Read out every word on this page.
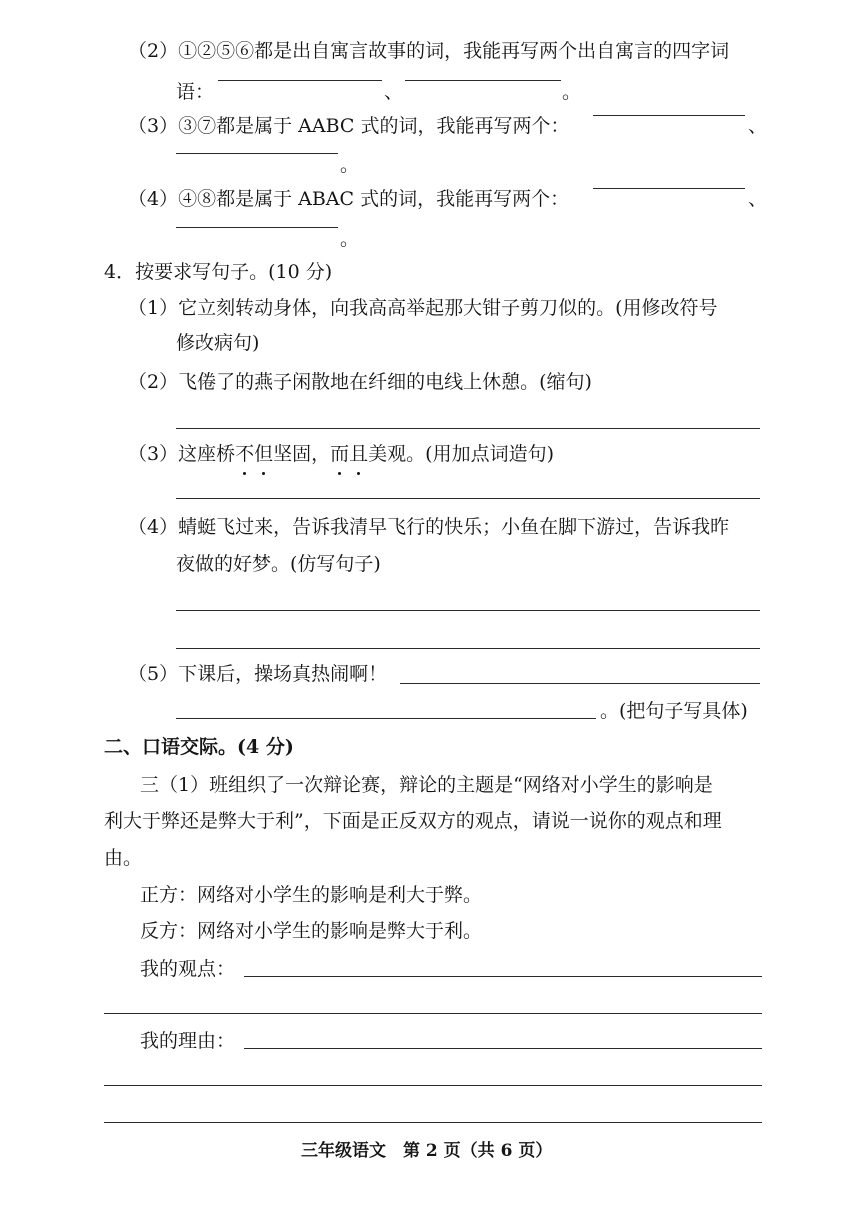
（2）①②⑤⑥都是出自寓言故事的词，我能再写两个出自寓言的四字词
语：	、	。
（3）③⑦都是属于 AABC 式的词，我能再写两个：	、
。
（4）④⑧都是属于 ABAC 式的词，我能再写两个：	、
。
4．按要求写句子。(10 分)
（1）它立刻转动身体，向我高高举起那大钳子剪刀似的。(用修改符号
修改病句)
（2）飞倦了的燕子闲散地在纤细的电线上休憩。(缩句)
（3）这座桥不但坚固，而且美观。(用加点词造句)
（4）蜻蜓飞过来，告诉我清早飞行的快乐；小鱼在脚下游过，告诉我昨
夜做的好梦。(仿写句子)
（5）下课后，操场真热闹啊！
。(把句子写具体)
二、口语交际。(4 分)
三（1）班组织了一次辩论赛，辩论的主题是“网络对小学生的影响是
利大于弊还是弊大于利”，下面是正反双方的观点，请说一说你的观点和理
由。
正方：网络对小学生的影响是利大于弊。
反方：网络对小学生的影响是弊大于利。
我的观点：
我的理由：
三年级语文　第 2 页（共 6 页）
